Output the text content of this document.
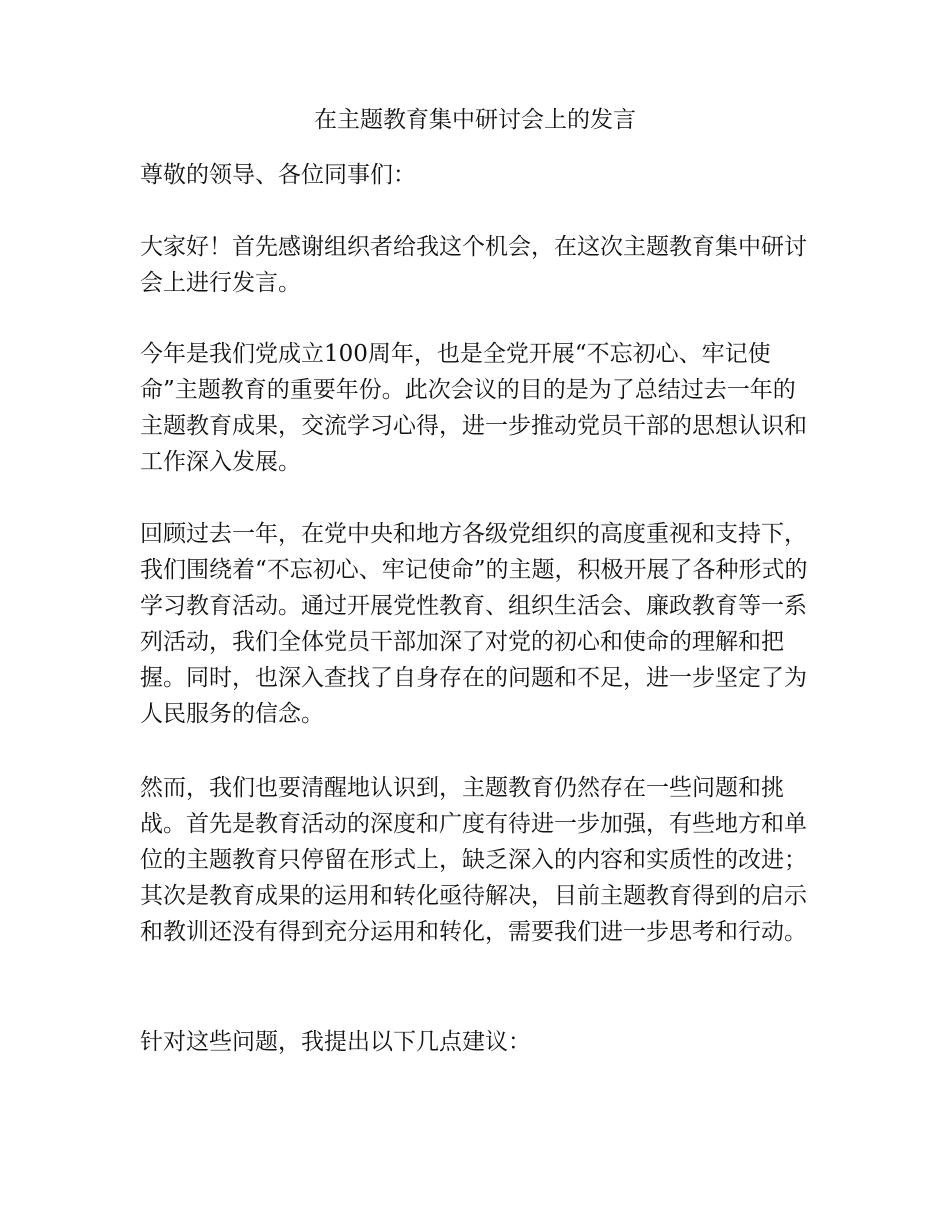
在主题教育集中研讨会上的发言

尊敬的领导、各位同事们：

大家好！首先感谢组织者给我这个机会，在这次主题教育集中研讨会上进行发言。

今年是我们党成立100周年，也是全党开展“不忘初心、牢记使命”主题教育的重要年份。此次会议的目的是为了总结过去一年的主题教育成果，交流学习心得，进一步推动党员干部的思想认识和工作深入发展。

回顾过去一年，在党中央和地方各级党组织的高度重视和支持下，我们围绕着“不忘初心、牢记使命”的主题，积极开展了各种形式的学习教育活动。通过开展党性教育、组织生活会、廉政教育等一系列活动，我们全体党员干部加深了对党的初心和使命的理解和把握。同时，也深入查找了自身存在的问题和不足，进一步坚定了为人民服务的信念。

然而，我们也要清醒地认识到，主题教育仍然存在一些问题和挑战。首先是教育活动的深度和广度有待进一步加强，有些地方和单位的主题教育只停留在形式上，缺乏深入的内容和实质性的改进；其次是教育成果的运用和转化亟待解决，目前主题教育得到的启示和教训还没有得到充分运用和转化，需要我们进一步思考和行动。

针对这些问题，我提出以下几点建议：
